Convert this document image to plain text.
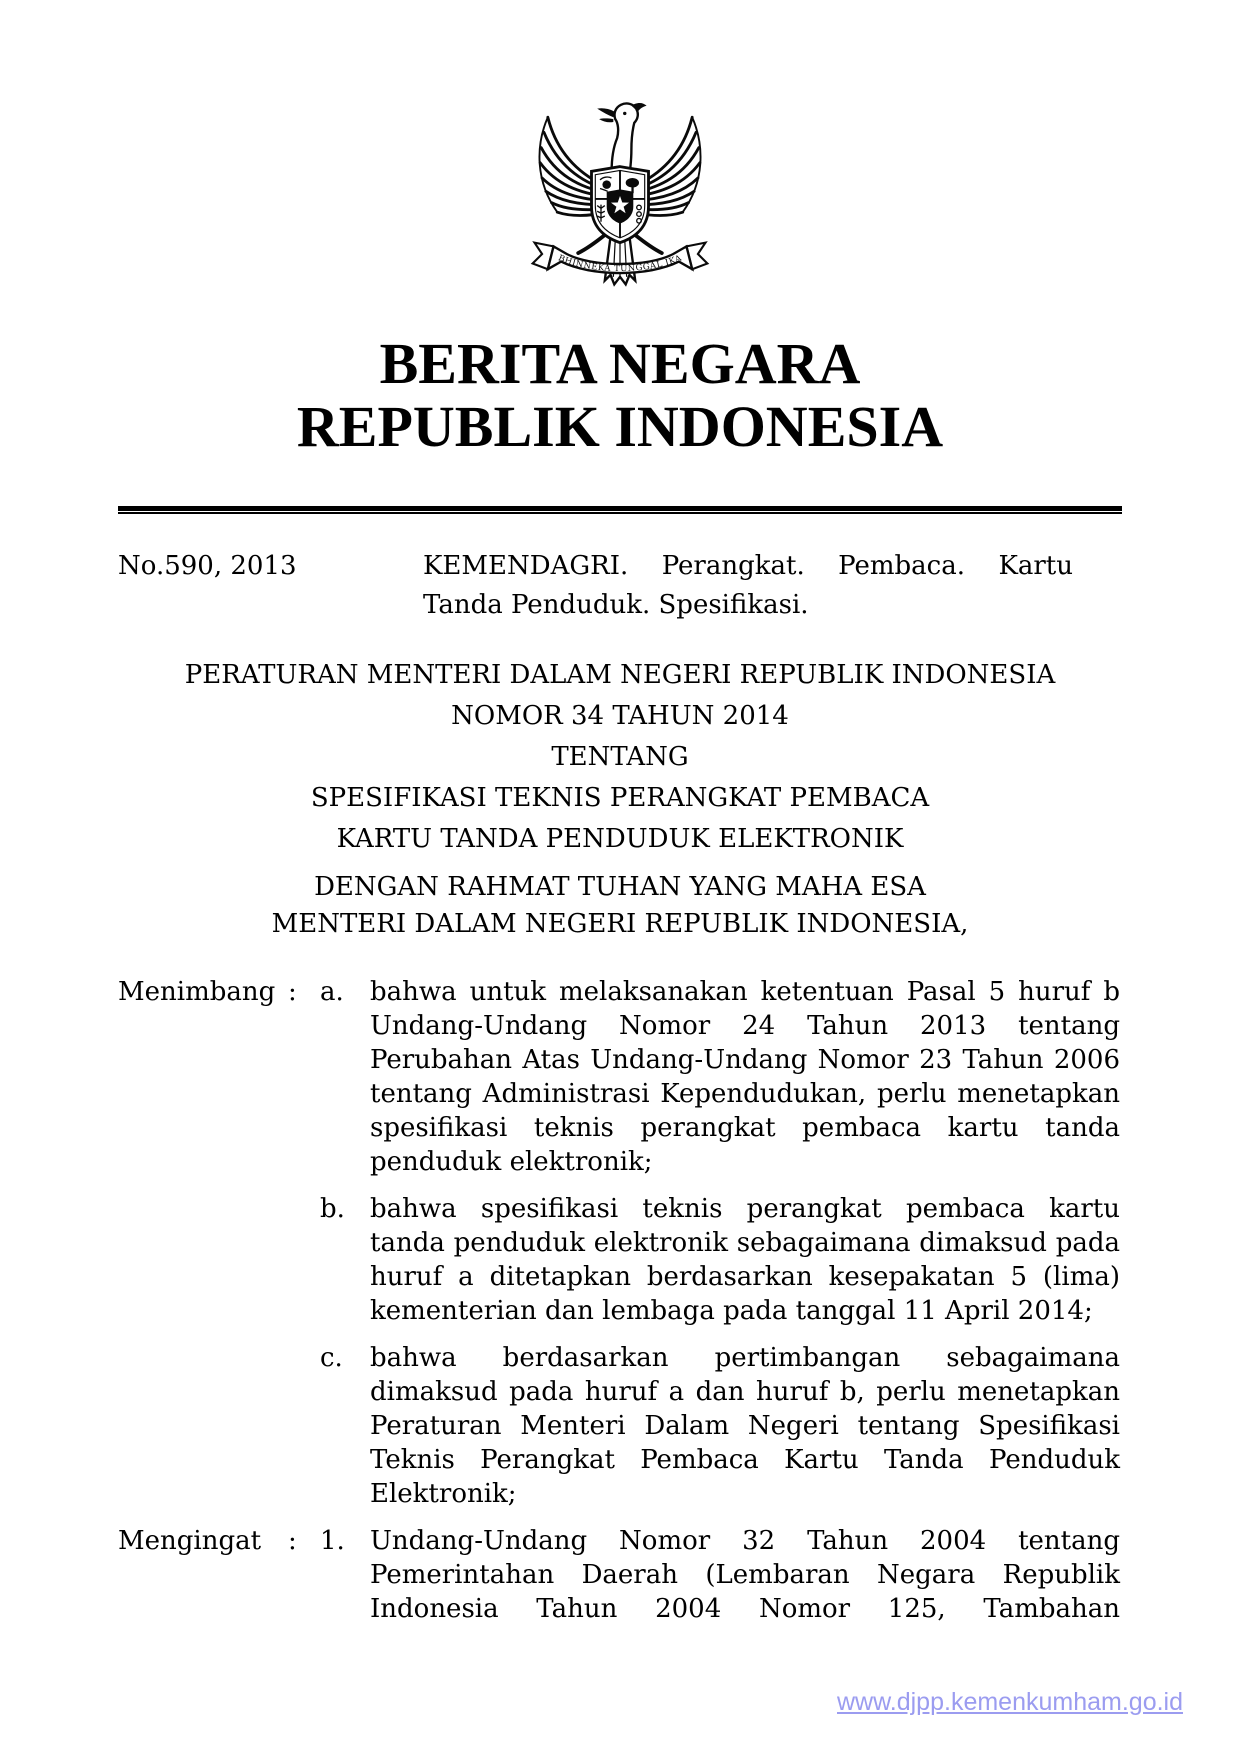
BHINNEKA TUNGGAL IKA
BERITA NEGARA
REPUBLIK INDONESIA
No.590, 2013	KEMENDAGRI. Perangkat. Pembaca. Kartu Tanda Penduduk. Spesifikasi.
PERATURAN MENTERI DALAM NEGERI REPUBLIK INDONESIA
NOMOR 34 TAHUN 2014
TENTANG
SPESIFIKASI TEKNIS PERANGKAT PEMBACA
KARTU TANDA PENDUDUK ELEKTRONIK
DENGAN RAHMAT TUHAN YANG MAHA ESA
MENTERI DALAM NEGERI REPUBLIK INDONESIA,
Menimbang : a.	bahwa untuk melaksanakan ketentuan Pasal 5 huruf b Undang-Undang Nomor 24 Tahun 2013 tentang Perubahan Atas Undang-Undang Nomor 23 Tahun 2006 tentang Administrasi Kependudukan, perlu menetapkan spesifikasi teknis perangkat pembaca kartu tanda penduduk elektronik;
b. bahwa spesifikasi teknis perangkat pembaca kartu tanda penduduk elektronik sebagaimana dimaksud pada huruf a ditetapkan berdasarkan kesepakatan 5 (lima) kementerian dan lembaga pada tanggal 11 April 2014;
c.	bahwa berdasarkan pertimbangan sebagaimana dimaksud pada huruf a dan huruf b, perlu menetapkan Peraturan Menteri Dalam Negeri tentang Spesifikasi Teknis Perangkat Pembaca Kartu Tanda Penduduk Elektronik;
Mengingat	: 1. Undang-Undang Nomor 32 Tahun 2004 tentang Pemerintahan Daerah (Lembaran Negara Republik Indonesia Tahun 2004 Nomor 125, Tambahan
www.djpp.kemenkumham.go.id
